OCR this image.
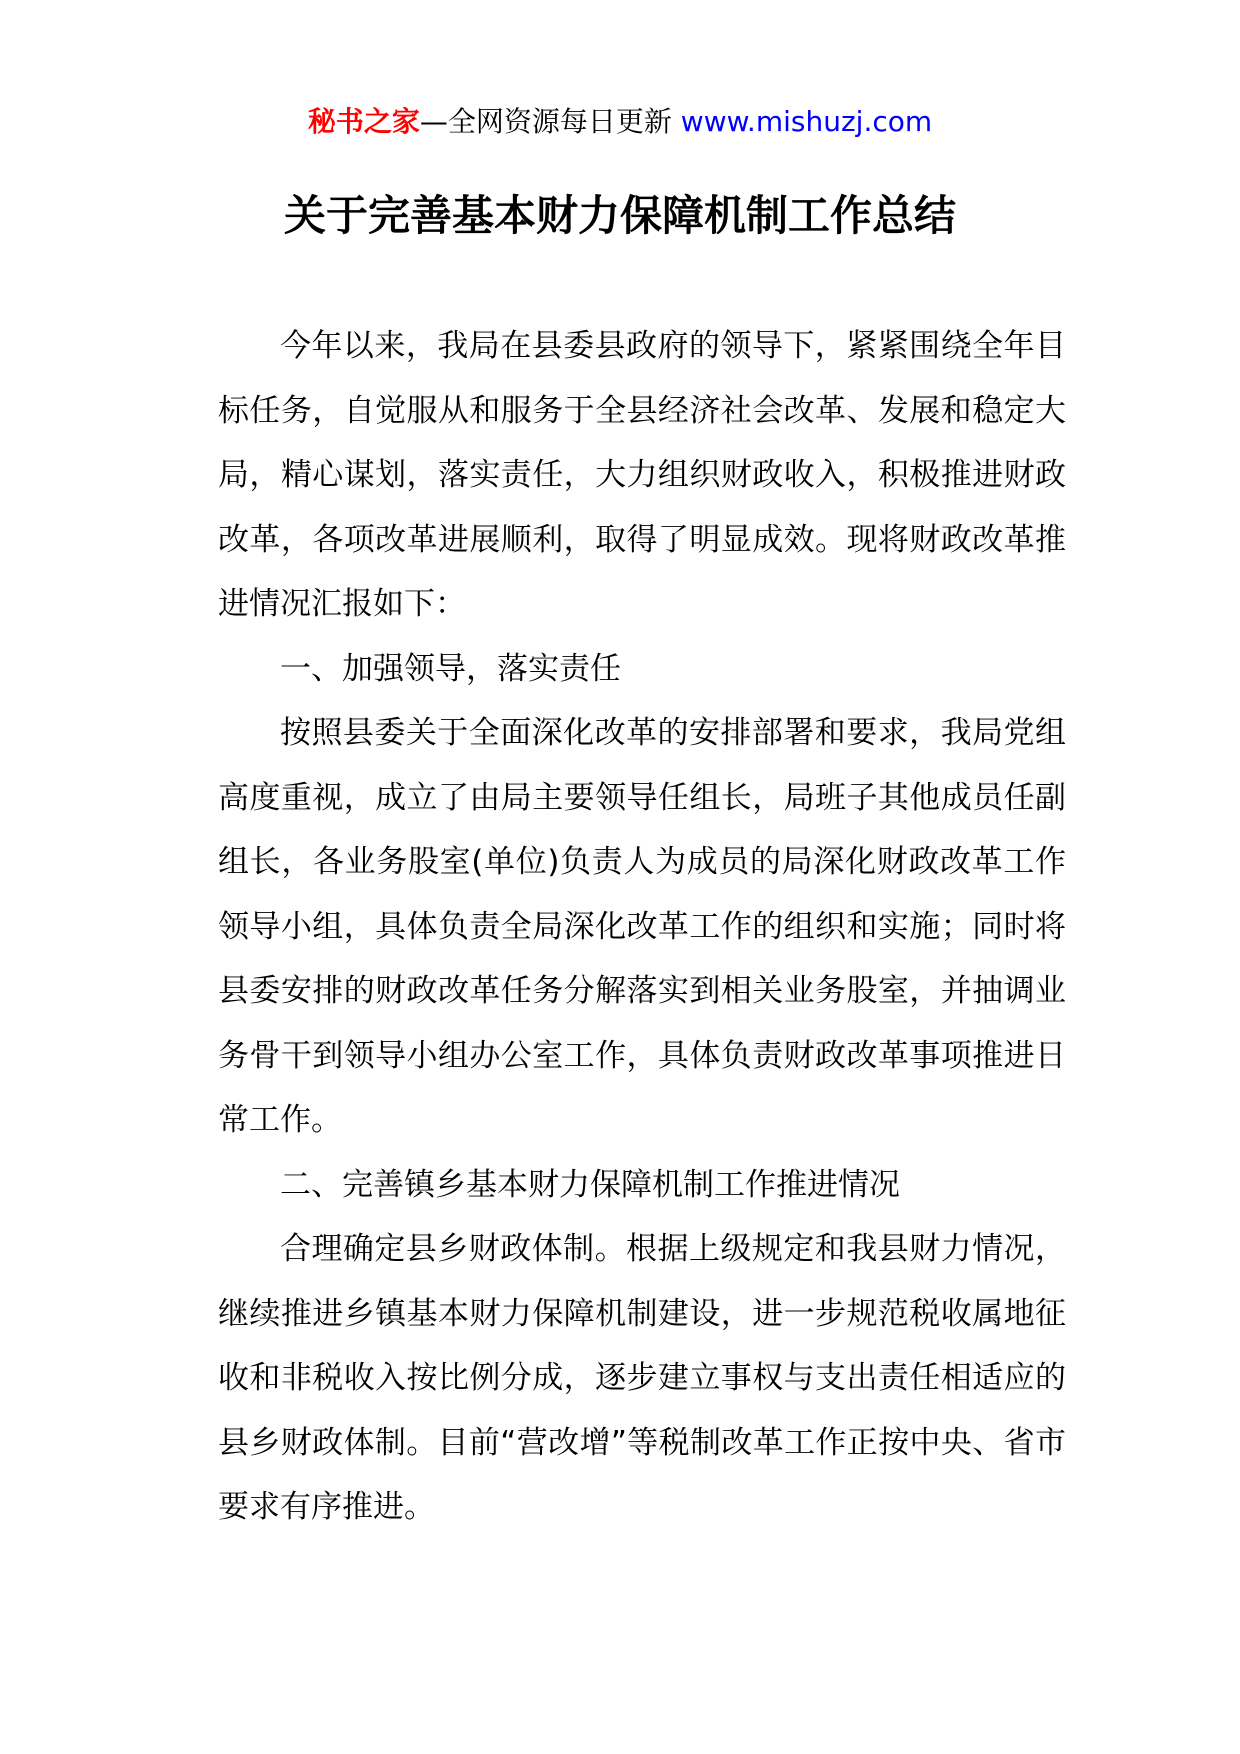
秘书之家—全网资源每日更新 www.mishuzj.com
关于完善基本财力保障机制工作总结

今年以来，我局在县委县政府的领导下，紧紧围绕全年目标任务，自觉服从和服务于全县经济社会改革、发展和稳定大局，精心谋划，落实责任，大力组织财政收入，积极推进财政改革，各项改革进展顺利，取得了明显成效。现将财政改革推进情况汇报如下：

一、加强领导，落实责任

按照县委关于全面深化改革的安排部署和要求，我局党组高度重视，成立了由局主要领导任组长，局班子其他成员任副组长，各业务股室(单位)负责人为成员的局深化财政改革工作领导小组，具体负责全局深化改革工作的组织和实施；同时将县委安排的财政改革任务分解落实到相关业务股室，并抽调业务骨干到领导小组办公室工作，具体负责财政改革事项推进日常工作。

二、完善镇乡基本财力保障机制工作推进情况

合理确定县乡财政体制。根据上级规定和我县财力情况，继续推进乡镇基本财力保障机制建设，进一步规范税收属地征收和非税收入按比例分成，逐步建立事权与支出责任相适应的县乡财政体制。目前“营改增”等税制改革工作正按中央、省市要求有序推进。
